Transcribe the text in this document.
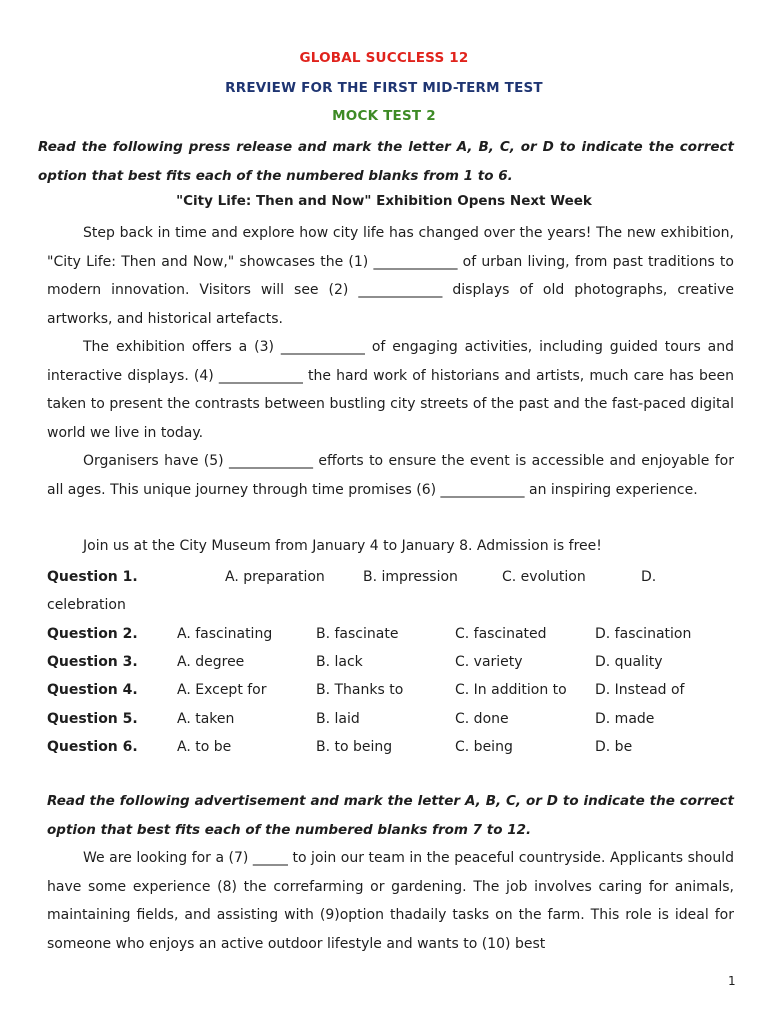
GLOBAL SUCCLESS 12
RREVIEW FOR THE FIRST MID-TERM TEST
MOCK TEST 2
Read the following press release and mark the letter A, B, C, or D to indicate the correct option that best fits each of the numbered blanks from 1 to 6.
"City Life: Then and Now" Exhibition Opens Next Week
Step back in time and explore how city life has changed over the years! The new exhibition, "City Life: Then and Now," showcases the (1) ____________ of urban living, from past traditions to modern innovation. Visitors will see (2) ____________ displays of old photographs, creative artworks, and historical artefacts.
The exhibition offers a (3) ____________ of engaging activities, including guided tours and interactive displays. (4) ____________ the hard work of historians and artists, much care has been taken to present the contrasts between bustling city streets of the past and the fast-paced digital world we live in today.
Organisers have (5) ____________ efforts to ensure the event is accessible and enjoyable for all ages. This unique journey through time promises (6) ____________ an inspiring experience.
Join us at the City Museum from January 4 to January 8. Admission is free!
Question 1.	A. preparation	B. impression	C. evolution	D.
celebration
Question 2.	A. fascinating	B. fascinate	C. fascinated	D. fascination
Question 3.	A. degree	B. lack	C. variety	D. quality
Question 4.	A. Except for	B. Thanks to	C. In addition to D. Instead of
Question 5.	A. taken	B. laid	C. done	D. made
Question 6.	A. to be	B. to being	C. being	D. be
Read the following advertisement and mark the letter A, B, C, or D to indicate the correct option that best fits each of the numbered blanks from 7 to 12.
We are looking for a (7) _____ to join our team in the peaceful countryside. Applicants should have some experience (8) the correfarming or gardening. The job involves caring for animals, maintaining fields, and assisting with (9)option thadaily tasks on the farm. This role is ideal for someone who enjoys an active outdoor lifestyle and wants to (10) best
1
